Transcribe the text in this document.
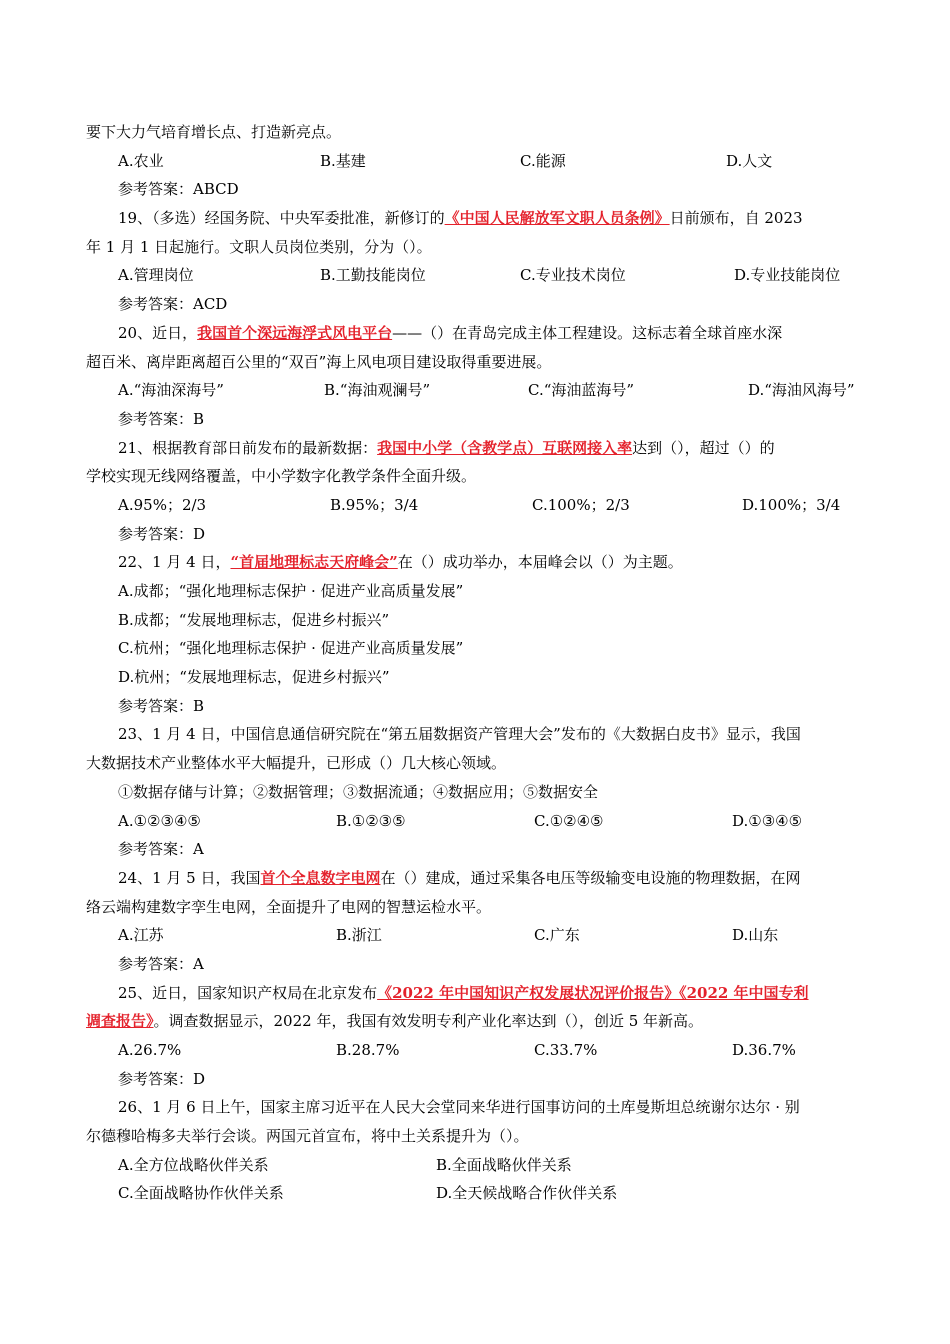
要下大力气培育增长点、打造新亮点。
A.农业	B.基建	C.能源	D.人文
参考答案：ABCD
19、（多选）经国务院、中央军委批准，新修订的《中国人民解放军文职人员条例》日前颁布，自 2023
年 1 月 1 日起施行。文职人员岗位类别，分为（）。
A.管理岗位	B.工勤技能岗位	C.专业技术岗位	D.专业技能岗位
参考答案：ACD
20、近日，我国首个深远海浮式风电平台——（）在青岛完成主体工程建设。这标志着全球首座水深
超百米、离岸距离超百公里的“双百”海上风电项目建设取得重要进展。
A.“海油深海号”	B.“海油观澜号”	C.“海油蓝海号”	D.“海油风海号”
参考答案：B
21、根据教育部日前发布的最新数据：我国中小学（含教学点）互联网接入率达到（），超过（）的
学校实现无线网络覆盖，中小学数字化教学条件全面升级。
A.95%；2/3	B.95%；3/4	C.100%；2/3	D.100%；3/4
参考答案：D
22、1 月 4 日，“首届地理标志天府峰会”在（）成功举办，本届峰会以（）为主题。
A.成都；“强化地理标志保护 · 促进产业高质量发展”
B.成都；“发展地理标志，促进乡村振兴”
C.杭州；“强化地理标志保护 · 促进产业高质量发展”
D.杭州；“发展地理标志，促进乡村振兴”
参考答案：B
23、1 月 4 日，中国信息通信研究院在“第五届数据资产管理大会”发布的《大数据白皮书》显示，我国
大数据技术产业整体水平大幅提升，已形成（）几大核心领域。
①数据存储与计算；②数据管理；③数据流通；④数据应用；⑤数据安全
A.①②③④⑤	B.①②③⑤	C.①②④⑤	D.①③④⑤
参考答案：A
24、1 月 5 日，我国首个全息数字电网在（）建成，通过采集各电压等级输变电设施的物理数据，在网
络云端构建数字孪生电网，全面提升了电网的智慧运检水平。
A.江苏	B.浙江	C.广东	D.山东
参考答案：A
25、近日，国家知识产权局在北京发布《2022 年中国知识产权发展状况评价报告》《2022 年中国专利
调查报告》。调查数据显示，2022 年，我国有效发明专利产业化率达到（），创近 5 年新高。
A.26.7%	B.28.7%	C.33.7%	D.36.7%
参考答案：D
26、1 月 6 日上午，国家主席习近平在人民大会堂同来华进行国事访问的土库曼斯坦总统谢尔达尔 · 别
尔德穆哈梅多夫举行会谈。两国元首宣布，将中土关系提升为（）。
A.全方位战略伙伴关系	B.全面战略伙伴关系
C.全面战略协作伙伴关系	D.全天候战略合作伙伴关系
